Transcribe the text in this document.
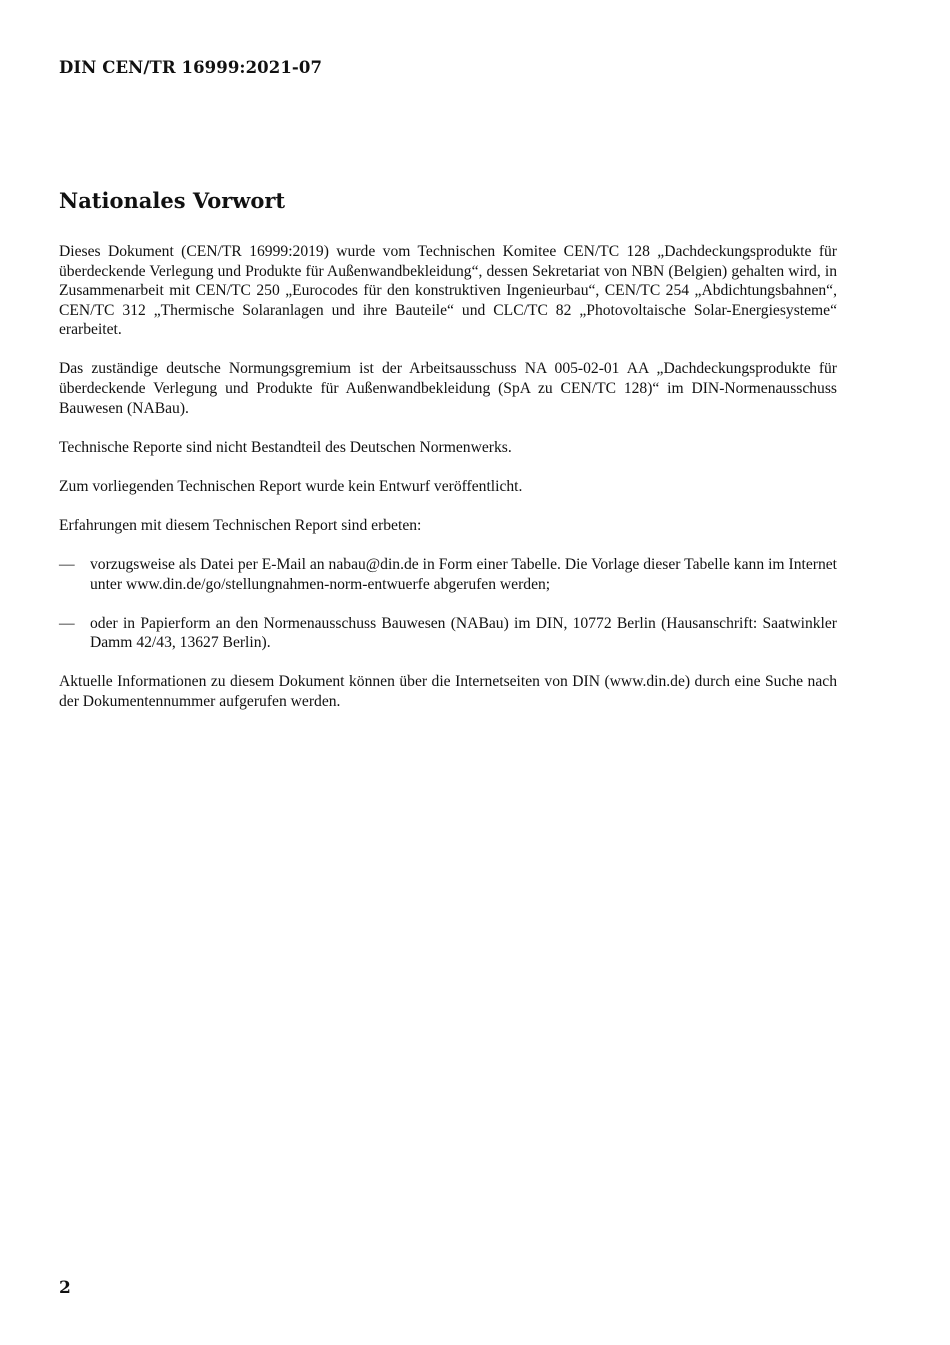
DIN CEN/TR 16999:2021-07
Nationales Vorwort

Dieses Dokument (CEN/TR 16999:2019) wurde vom Technischen Komitee CEN/TC 128 „Dachdeckungsprodukte für überdeckende Verlegung und Produkte für Außenwandbekleidung“, dessen Sekretariat von NBN (Belgien) gehalten wird, in Zusammenarbeit mit CEN/TC 250 „Eurocodes für den konstruktiven Ingenieurbau“, CEN/TC 254 „Abdichtungsbahnen“, CEN/TC 312 „Thermische Solaranlagen und ihre Bauteile“ und CLC/TC 82 „Photovoltaische Solar-Energiesysteme“ erarbeitet.

Das zuständige deutsche Normungsgremium ist der Arbeitsausschuss NA 005-02-01 AA „Dachdeckungsprodukte für überdeckende Verlegung und Produkte für Außenwandbekleidung (SpA zu CEN/TC 128)“ im DIN-Normenausschuss Bauwesen (NABau).

Technische Reporte sind nicht Bestandteil des Deutschen Normenwerks.

Zum vorliegenden Technischen Report wurde kein Entwurf veröffentlicht.

Erfahrungen mit diesem Technischen Report sind erbeten:

— vorzugsweise als Datei per E-Mail an nabau@din.de in Form einer Tabelle. Die Vorlage dieser Tabelle kann im Internet unter www.din.de/go/stellungnahmen-norm-entwuerfe abgerufen werden;
— oder in Papierform an den Normenausschuss Bauwesen (NABau) im DIN, 10772 Berlin (Hausanschrift: Saatwinkler Damm 42/43, 13627 Berlin).

Aktuelle Informationen zu diesem Dokument können über die Internetseiten von DIN (www.din.de) durch eine Suche nach der Dokumentennummer aufgerufen werden.

2
